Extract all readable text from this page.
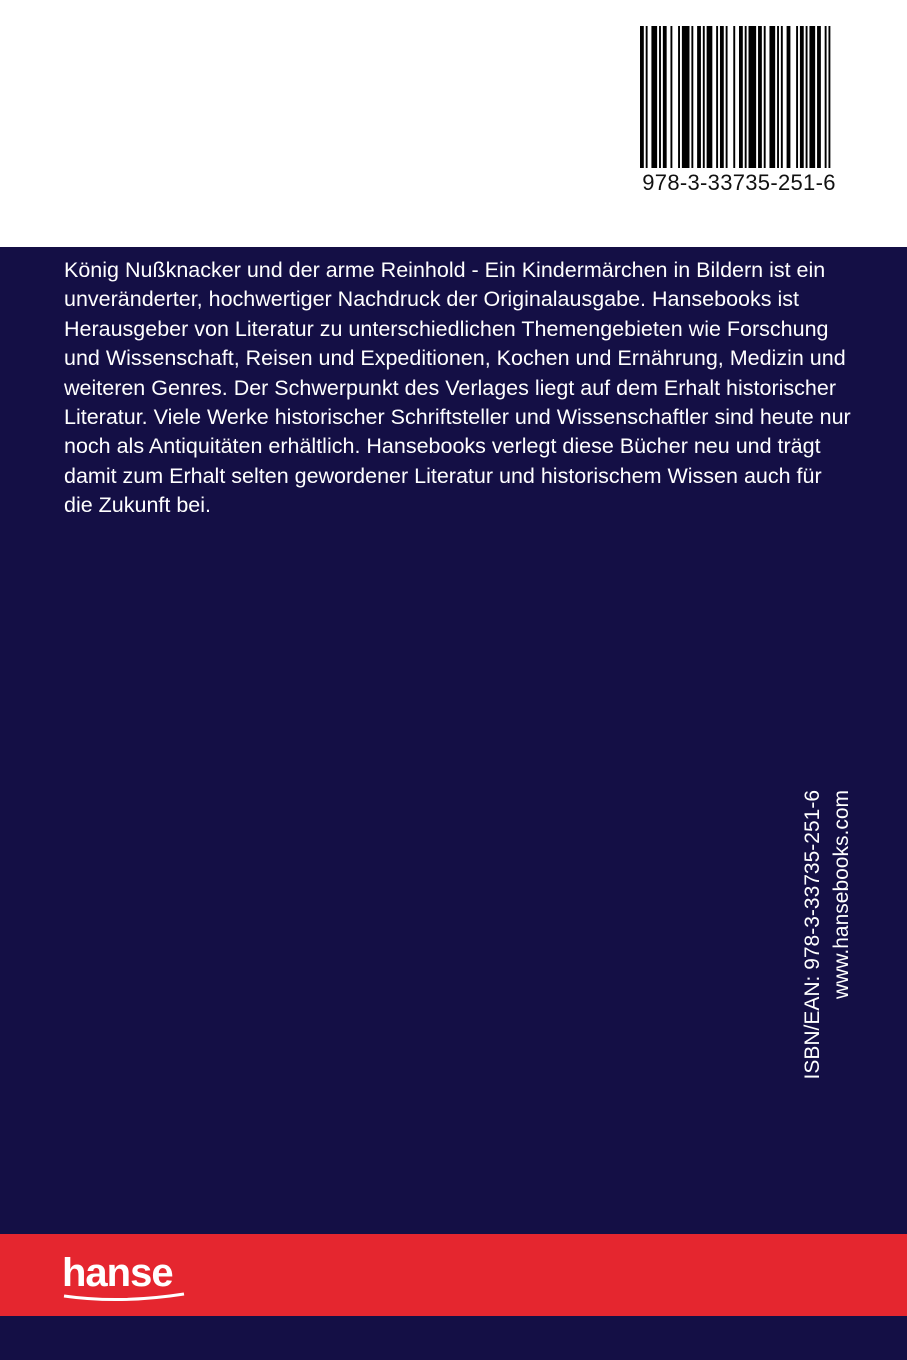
978-3-33735-251-6

König Nußknacker und der arme Reinhold - Ein Kindermärchen in Bildern ist ein unveränderter, hochwertiger Nachdruck der Originalausgabe. Hansebooks ist Herausgeber von Literatur zu unterschiedlichen Themengebieten wie Forschung und Wissenschaft, Reisen und Expeditionen, Kochen und Ernährung, Medizin und weiteren Genres. Der Schwerpunkt des Verlages liegt auf dem Erhalt historischer Literatur. Viele Werke historischer Schriftsteller und Wissenschaftler sind heute nur noch als Antiquitäten erhältlich. Hansebooks verlegt diese Bücher neu und trägt damit zum Erhalt selten gewordener Literatur und historischem Wissen auch für die Zukunft bei.

ISBN/EAN: 978-3-33735-251-6 www.hansebooks.com
hanse
